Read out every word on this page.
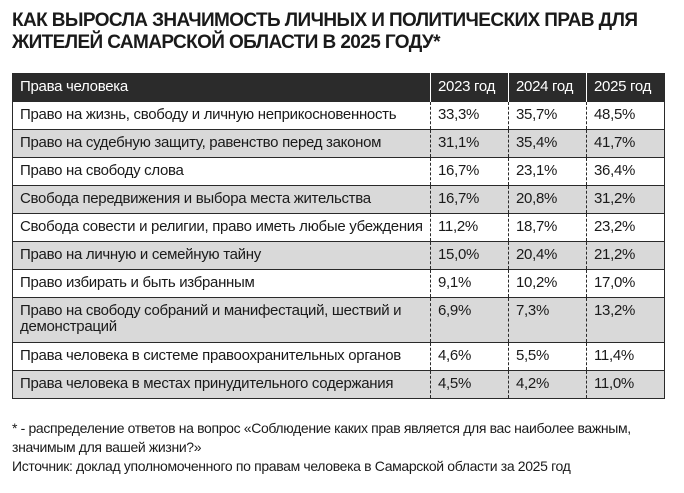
КАК ВЫРОСЛА ЗНАЧИМОСТЬ ЛИЧНЫХ И ПОЛИТИЧЕСКИХ ПРАВ ДЛЯ ЖИТЕЛЕЙ САМАРСКОЙ ОБЛАСТИ В 2025 ГОДУ*
Права человека	2023 год	2024 год	2025 год
Право на жизнь, свободу и личную неприкосновенность	33,3%	35,7%	48,5%
Право на судебную защиту, равенство перед законом	31,1%	35,4%	41,7%
Право на свободу слова	16,7%	23,1%	36,4%
Свобода передвижения и выбора места жительства	16,7%	20,8%	31,2%
Свобода совести и религии, право иметь любые убеждения	11,2%	18,7%	23,2%
Право на личную и семейную тайну	15,0%	20,4%	21,2%
Право избирать и быть избранным	9,1%	10,2%	17,0%
Право на свободу собраний и манифестаций, шествий и демонстраций	6,9%	7,3%	13,2%
Права человека в системе правоохранительных органов	4,6%	5,5%	11,4%
Права человека в местах принудительного содержания	4,5%	4,2%	11,0%
* - распределение ответов на вопрос «Соблюдение каких прав является для вас наиболее важным, значимым для вашей жизни?»
Источник: доклад уполномоченного по правам человека в Самарской области за 2025 год
